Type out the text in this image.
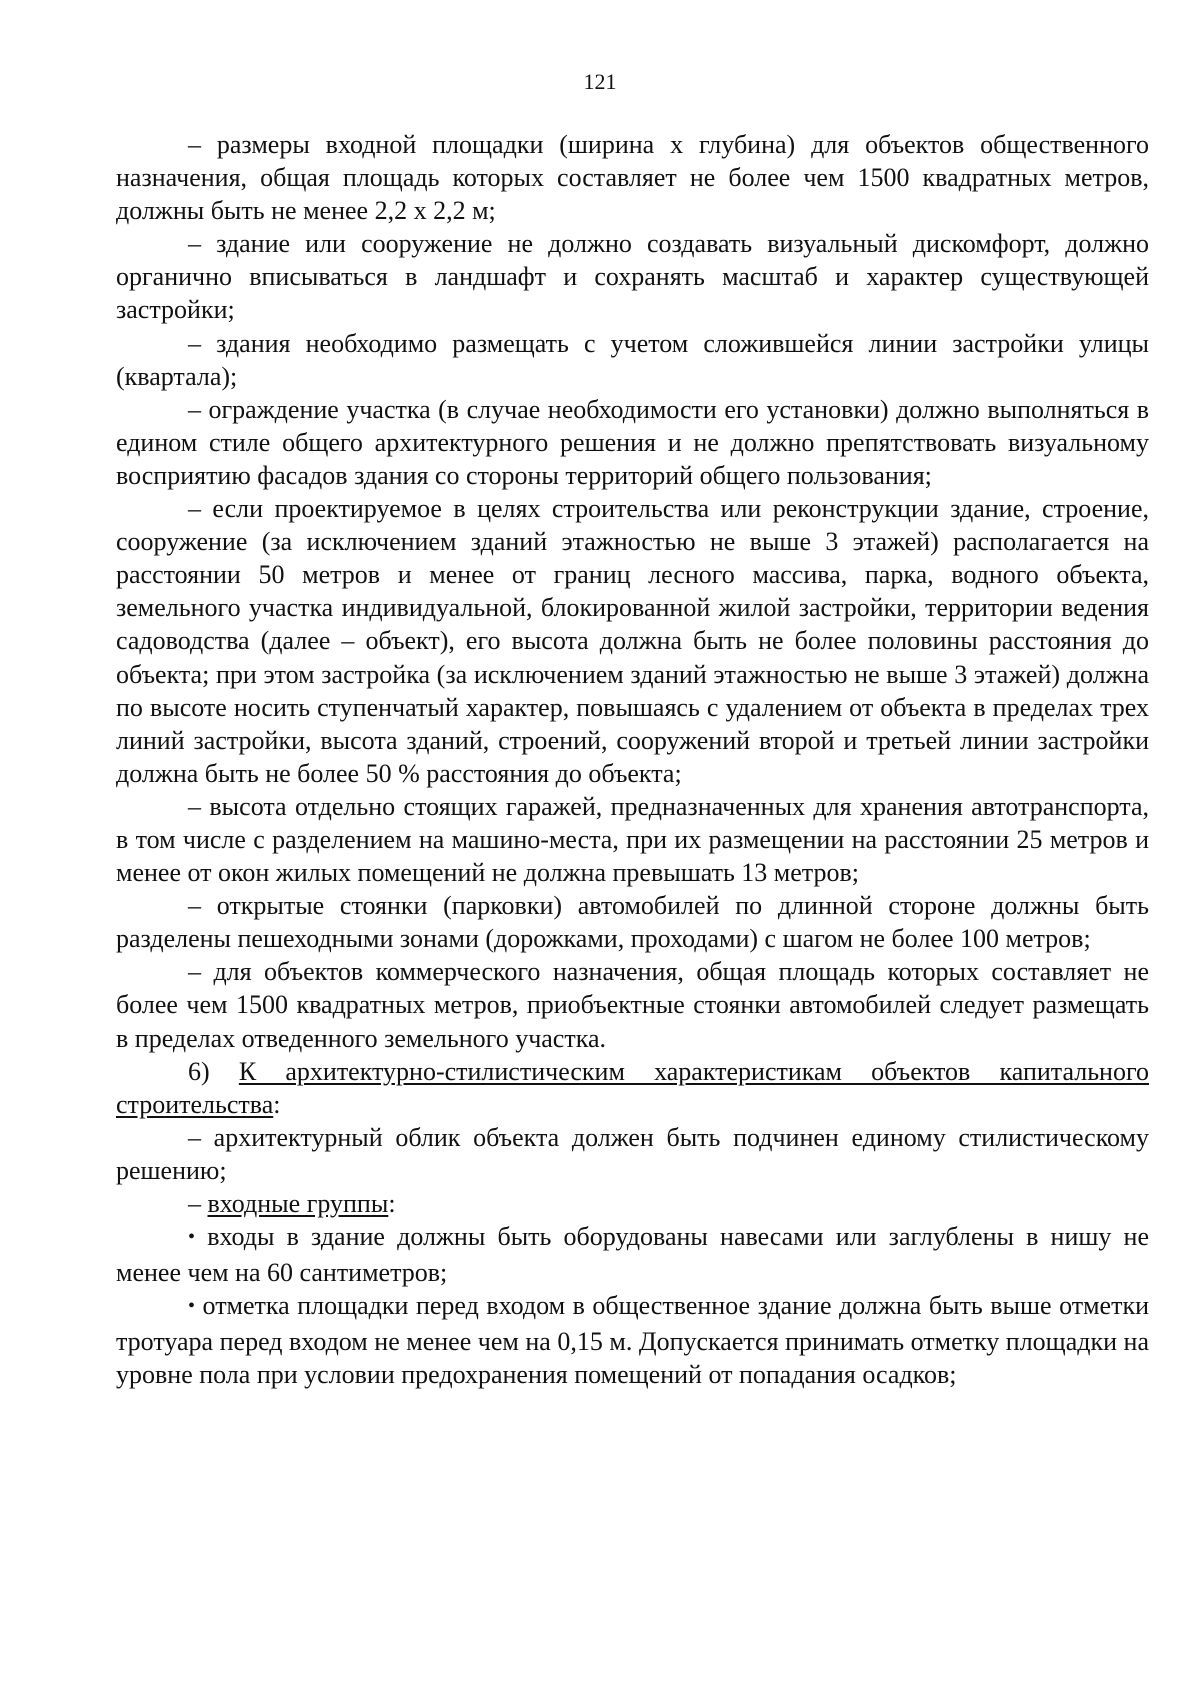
121

– размеры входной площадки (ширина х глубина) для объектов общественного назначения, общая площадь которых составляет не более чем 1500 квадратных метров, должны быть не менее 2,2 х 2,2 м;

– здание или сооружение не должно создавать визуальный дискомфорт, должно органично вписываться в ландшафт и сохранять масштаб и характер существующей застройки;

– здания необходимо размещать с учетом сложившейся линии застройки улицы (квартала);

– ограждение участка (в случае необходимости его установки) должно выполняться в едином стиле общего архитектурного решения и не должно препятствовать визуальному восприятию фасадов здания со стороны территорий общего пользования;

– если проектируемое в целях строительства или реконструкции здание, строение, сооружение (за исключением зданий этажностью не выше 3 этажей) располагается на расстоянии 50 метров и менее от границ лесного массива, парка, водного объекта, земельного участка индивидуальной, блокированной жилой застройки, территории ведения садоводства (далее – объект), его высота должна быть не более половины расстояния до объекта; при этом застройка (за исключением зданий этажностью не выше 3 этажей) должна по высоте носить ступенчатый характер, повышаясь с удалением от объекта в пределах трех линий застройки, высота зданий, строений, сооружений второй и третьей линии застройки должна быть не более 50 % расстояния до объекта;

– высота отдельно стоящих гаражей, предназначенных для хранения автотранспорта, в том числе с разделением на машино-места, при их размещении на расстоянии 25 метров и менее от окон жилых помещений не должна превышать 13 метров;

– открытые стоянки (парковки) автомобилей по длинной стороне должны быть разделены пешеходными зонами (дорожками, проходами) с шагом не более 100 метров;

– для объектов коммерческого назначения, общая площадь которых составляет не более чем 1500 квадратных метров, приобъектные стоянки автомобилей следует размещать в пределах отведенного земельного участка.

6) К архитектурно-стилистическим характеристикам объектов капитального строительства:

– архитектурный облик объекта должен быть подчинен единому стилистическому решению;

– входные группы:

• входы в здание должны быть оборудованы навесами или заглублены в нишу не менее чем на 60 сантиметров;

• отметка площадки перед входом в общественное здание должна быть выше отметки тротуара перед входом не менее чем на 0,15 м. Допускается принимать отметку площадки на уровне пола при условии предохранения помещений от попадания осадков;
